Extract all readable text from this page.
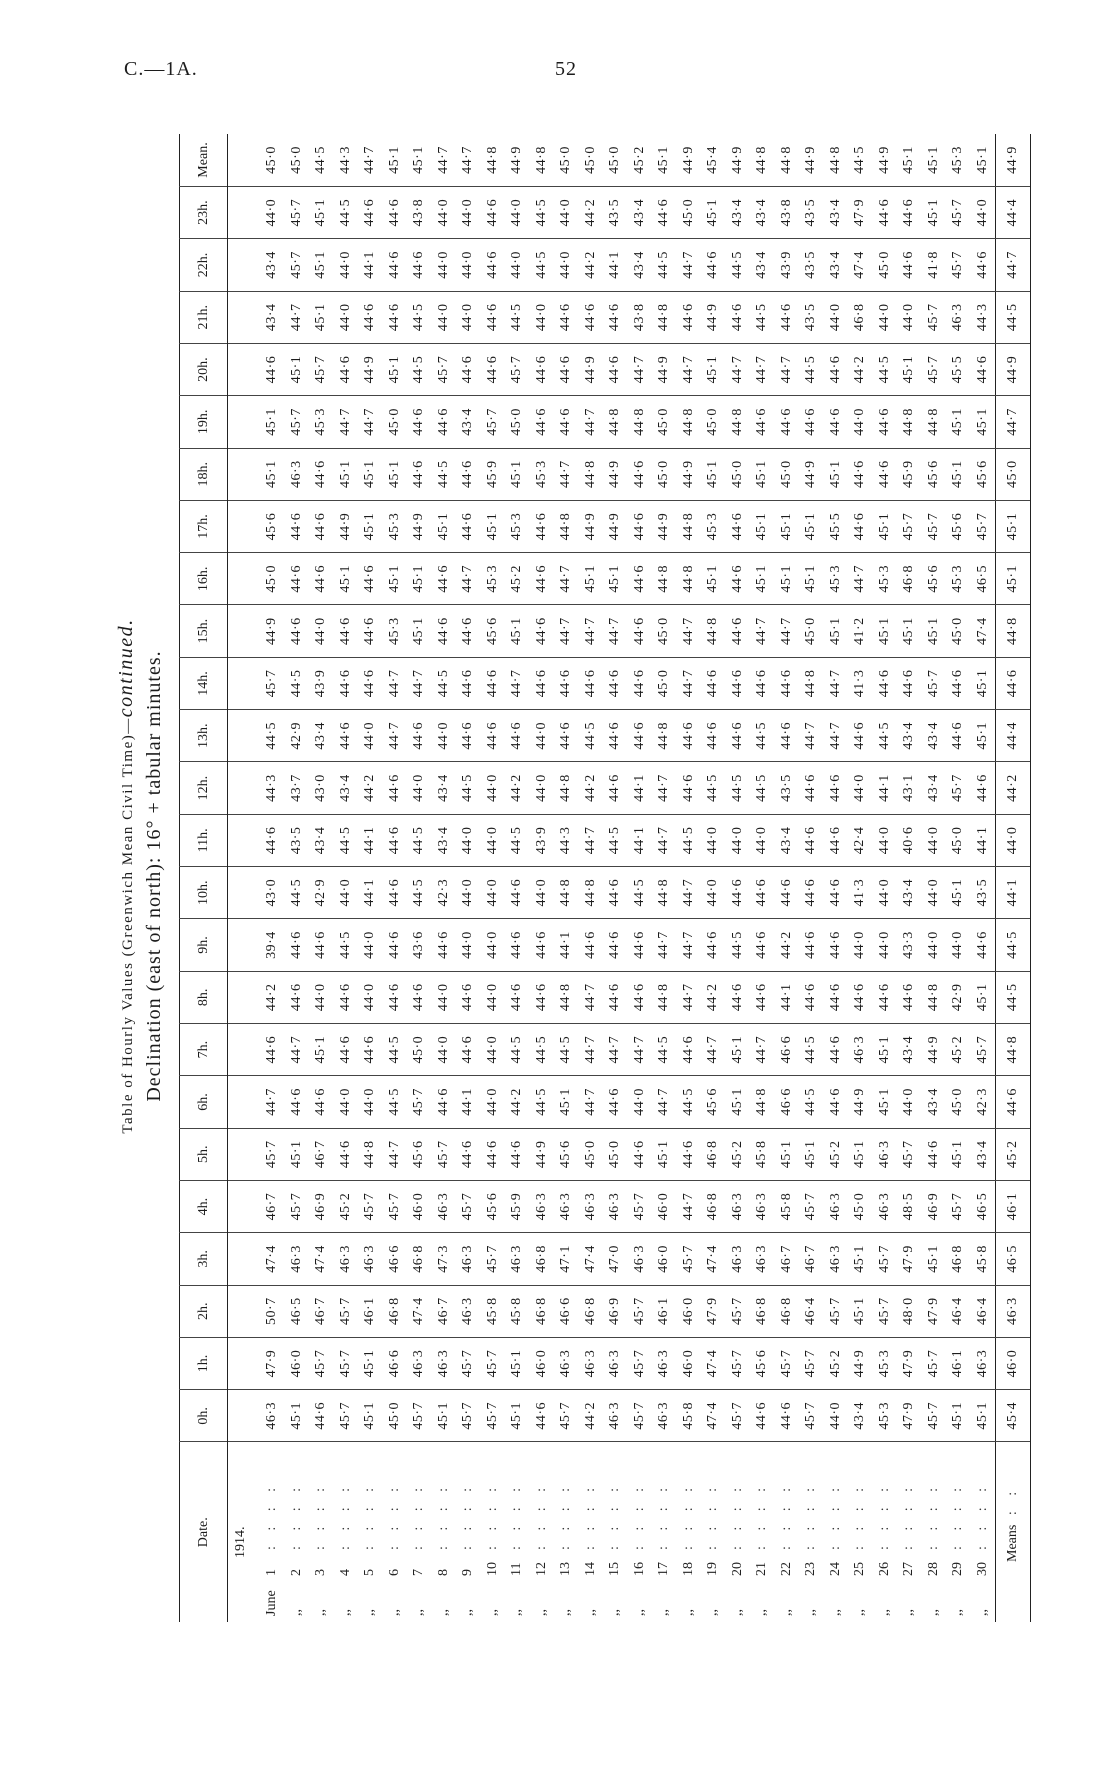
C.—1A.	52
Table of Hourly Values (Greenwich Mean Civil Time)—continued. Declination (east of north): 16° + tabular minutes.
Date.	0h.	1h.	2h.	3h.	4h.	5h.	6h.	7h.	8h.	9h.	10h.	11h.	12h.	13h.	14h.	15h.	16h.	17h.	18h.	19h.	20h.	21h.	22h.	23h.	Mean.
1914.																									
June1: : : :	46·3	47·9	50·7	47·4	46·7	45·7	44·7	44·6	44·2	39·4	43·0	44·6	44·3	44·5	45·7	44·9	45·0	45·6	45·1	45·1	44·6	43·4	43·4	44·0	45·0
,,2: : : :	45·1	46·0	46·5	46·3	45·7	45·1	44·6	44·7	44·6	44·6	44·5	43·5	43·7	42·9	44·5	44·6	44·6	44·6	46·3	45·7	45·1	44·7	45·7	45·7	45·0
,,3: : : :	44·6	45·7	46·7	47·4	46·9	46·7	44·6	45·1	44·0	44·6	42·9	43·4	43·0	43·4	43·9	44·0	44·6	44·6	44·6	45·3	45·7	45·1	45·1	45·1	44·5
,,4: : : :	45·7	45·7	45·7	46·3	45·2	44·6	44·0	44·6	44·6	44·5	44·0	44·5	43·4	44·6	44·6	44·6	45·1	44·9	45·1	44·7	44·6	44·0	44·0	44·5	44·3
,,5: : : :	45·1	45·1	46·1	46·3	45·7	44·8	44·0	44·6	44·0	44·0	44·1	44·1	44·2	44·0	44·6	44·6	44·6	45·1	45·1	44·7	44·9	44·6	44·1	44·6	44·7
,,6: : : :	45·0	46·6	46·8	46·6	45·7	44·7	44·5	44·5	44·6	44·6	44·6	44·6	44·6	44·7	44·7	45·3	45·1	45·3	45·1	45·0	45·1	44·6	44·6	44·6	45·1
,,7: : : :	45·7	46·3	47·4	46·8	46·0	45·6	45·7	45·0	44·6	43·6	44·5	44·5	44·0	44·6	44·7	45·1	45·1	44·9	44·6	44·6	44·5	44·5	44·6	43·8	45·1
,,8: : : :	45·1	46·3	46·7	47·3	46·3	45·7	44·6	44·0	44·0	44·6	42·3	43·4	43·4	44·0	44·5	44·6	44·6	45·1	44·5	44·6	45·7	44·0	44·0	44·0	44·7
,,9: : : :	45·7	45·7	46·3	46·3	45·7	44·6	44·1	44·6	44·6	44·0	44·0	44·0	44·5	44·6	44·6	44·6	44·7	44·6	44·6	43·4	44·6	44·0	44·0	44·0	44·7
,,10: : : :	45·7	45·7	45·8	45·7	45·6	44·6	44·0	44·0	44·0	44·0	44·0	44·0	44·0	44·6	44·6	45·6	45·3	45·1	45·9	45·7	44·6	44·6	44·6	44·6	44·8
,,11: : : :	45·1	45·1	45·8	46·3	45·9	44·6	44·2	44·5	44·6	44·6	44·6	44·5	44·2	44·6	44·7	45·1	45·2	45·3	45·1	45·0	45·7	44·5	44·0	44·0	44·9
,,12: : : :	44·6	46·0	46·8	46·8	46·3	44·9	44·5	44·5	44·6	44·6	44·0	43·9	44·0	44·0	44·6	44·6	44·6	44·6	45·3	44·6	44·6	44·0	44·5	44·5	44·8
,,13: : : :	45·7	46·3	46·6	47·1	46·3	45·6	45·1	44·5	44·8	44·1	44·8	44·3	44·8	44·6	44·6	44·7	44·7	44·8	44·7	44·6	44·6	44·6	44·0	44·0	45·0
,,14: : : :	44·2	46·3	46·8	47·4	46·3	45·0	44·7	44·7	44·7	44·6	44·8	44·7	44·2	44·5	44·6	44·7	45·1	44·9	44·8	44·7	44·9	44·6	44·2	44·2	45·0
,,15: : : :	46·3	46·3	46·9	47·0	46·3	45·0	44·6	44·7	44·6	44·6	44·6	44·5	44·6	44·6	44·6	44·7	45·1	44·9	44·9	44·8	44·6	44·6	44·1	43·5	45·0
,,16: : : :	45·7	45·7	45·7	46·3	45·7	44·6	44·0	44·7	44·6	44·6	44·5	44·1	44·1	44·6	44·6	44·6	44·6	44·6	44·6	44·8	44·7	43·8	43·4	43·4	45·2
,,17: : : :	46·3	46·3	46·1	46·0	46·0	45·1	44·7	44·5	44·8	44·7	44·8	44·7	44·7	44·8	45·0	45·0	44·8	44·9	45·0	45·0	44·9	44·8	44·5	44·6	45·1
,,18: : : :	45·8	46·0	46·0	45·7	44·7	44·6	44·5	44·6	44·7	44·7	44·7	44·5	44·6	44·6	44·7	44·7	44·8	44·8	44·9	44·8	44·7	44·6	44·7	45·0	44·9
,,19: : : :	47·4	47·4	47·9	47·4	46·8	46·8	45·6	44·7	44·2	44·6	44·0	44·0	44·5	44·6	44·6	44·8	45·1	45·3	45·1	45·0	45·1	44·9	44·6	45·1	45·4
,,20: : : :	45·7	45·7	45·7	46·3	46·3	45·2	45·1	45·1	44·6	44·5	44·6	44·0	44·5	44·6	44·6	44·6	44·6	44·6	45·0	44·8	44·7	44·6	44·5	43·4	44·9
,,21: : : :	44·6	45·6	46·8	46·3	46·3	45·8	44·8	44·7	44·6	44·6	44·6	44·0	44·5	44·5	44·6	44·7	45·1	45·1	45·1	44·6	44·7	44·5	43·4	43·4	44·8
,,22: : : :	44·6	45·7	46·8	46·7	45·8	45·1	46·6	46·6	44·1	44·2	44·6	43·4	43·5	44·6	44·6	44·7	45·1	45·1	45·0	44·6	44·7	44·6	43·9	43·8	44·8
,,23: : : :	45·7	45·7	46·4	46·7	45·7	45·1	44·5	44·5	44·6	44·6	44·6	44·6	44·6	44·7	44·8	45·0	45·1	45·1	44·9	44·6	44·5	43·5	43·5	43·5	44·9
,,24: : : :	44·0	45·2	45·7	46·3	46·3	45·2	44·6	44·6	44·6	44·6	44·6	44·6	44·6	44·7	44·7	45·1	45·3	45·5	45·1	44·6	44·6	44·0	43·4	43·4	44·8
,,25: : : :	43·4	44·9	45·1	45·1	45·0	45·1	44·9	46·3	44·6	44·0	41·3	42·4	44·0	44·6	41·3	41·2	44·7	44·6	44·6	44·0	44·2	46·8	47·4	47·9	44·5
,,26: : : :	45·3	45·3	45·7	45·7	46·3	46·3	45·1	45·1	44·6	44·0	44·0	44·0	44·1	44·5	44·6	45·1	45·3	45·1	44·6	44·6	44·5	44·0	45·0	44·6	44·9
,,27: : : :	47·9	47·9	48·0	47·9	48·5	45·7	44·0	43·4	44·6	43·3	43·4	40·6	43·1	43·4	44·6	45·1	46·8	45·7	45·9	44·8	45·1	44·0	44·6	44·6	45·1
,,28: : : :	45·7	45·7	47·9	45·1	46·9	44·6	43·4	44·9	44·8	44·0	44·0	44·0	43·4	43·4	45·7	45·1	45·6	45·7	45·6	44·8	45·7	45·7	41·8	45·1	45·1
,,29: : : :	45·1	46·1	46·4	46·8	45·7	45·1	45·0	45·2	42·9	44·0	45·1	45·0	45·7	44·6	44·6	45·0	45·3	45·6	45·1	45·1	45·5	46·3	45·7	45·7	45·3
,,30: : : :	45·1	46·3	46·4	45·8	46·5	43·4	42·3	45·7	45·1	44·6	43·5	44·1	44·6	45·1	45·1	47·4	46·5	45·7	45·6	45·1	44·6	44·3	44·6	44·0	45·1
Means : :	45·4	46·0	46·3	46·5	46·1	45·2	44·6	44·8	44·5	44·5	44·1	44·0	44·2	44·4	44·6	44·8	45·1	45·1	45·0	44·7	44·9	44·5	44·7	44·4	44·9
